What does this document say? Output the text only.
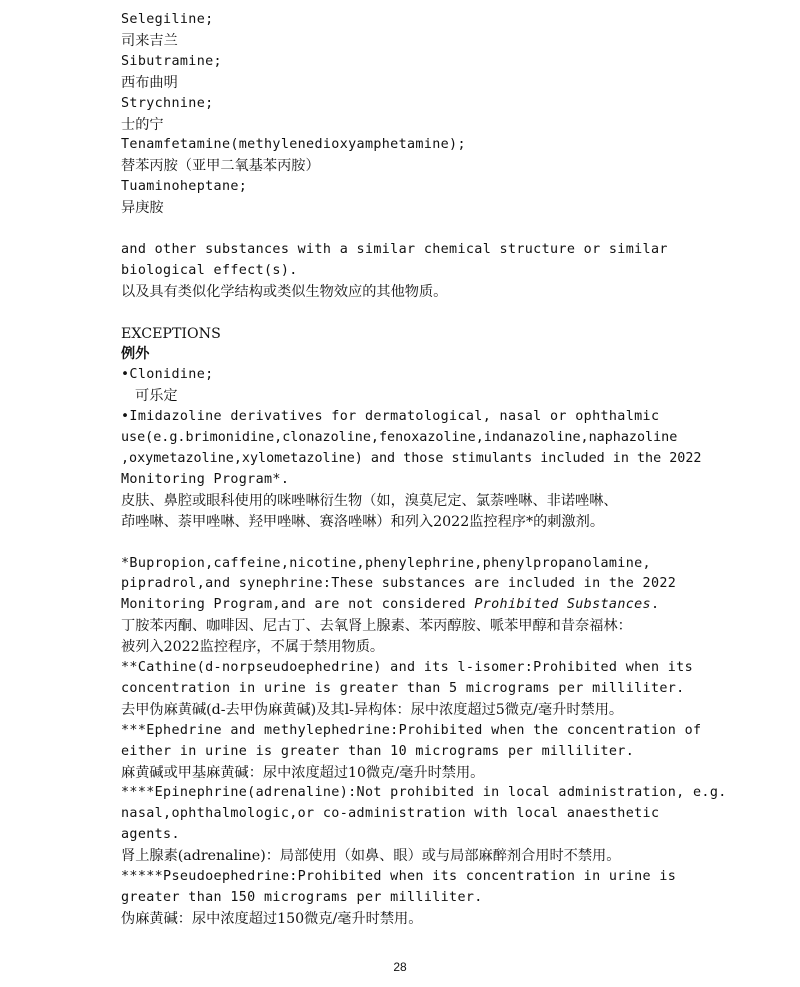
Selegiline;
司来吉兰
Sibutramine;
西布曲明
Strychnine;
士的宁
Tenamfetamine(methylenedioxyamphetamine);
替苯丙胺（亚甲二氧基苯丙胺）
Tuaminoheptane;
异庚胺
and other substances with a similar chemical structure or similar
biological effect(s).
以及具有类似化学结构或类似生物效应的其他物质。
EXCEPTIONS
例外
•Clonidine;
可乐定
•Imidazoline derivatives for dermatological, nasal or ophthalmic
use(e.g.brimonidine,clonazoline,fenoxazoline,indanazoline,naphazoline
,oxymetazoline,xylometazoline) and those stimulants included in the 2022
Monitoring Program*.
皮肤、鼻腔或眼科使用的咪唑啉衍生物（如，溴莫尼定、氯萘唑啉、非诺唑啉、
茚唑啉、萘甲唑啉、羟甲唑啉、赛洛唑啉）和列入2022监控程序*的刺激剂。
*Bupropion,caffeine,nicotine,phenylephrine,phenylpropanolamine,
pipradrol,and synephrine:These substances are included in the 2022
Monitoring Program,and are not considered Prohibited Substances.
丁胺苯丙酮、咖啡因、尼古丁、去氧肾上腺素、苯丙醇胺、哌苯甲醇和昔奈福林：
被列入2022监控程序，不属于禁用物质。
**Cathine(d-norpseudoephedrine) and its l-isomer:Prohibited when its
concentration in urine is greater than 5 micrograms per milliliter.
去甲伪麻黄碱(d-去甲伪麻黄碱)及其l-异构体：尿中浓度超过5微克/毫升时禁用。
***Ephedrine and methylephedrine:Prohibited when the concentration of
either in urine is greater than 10 micrograms per milliliter.
麻黄碱或甲基麻黄碱：尿中浓度超过10微克/毫升时禁用。
****Epinephrine(adrenaline):Not prohibited in local administration, e.g.
nasal,ophthalmologic,or co-administration with local anaesthetic
agents.
肾上腺素(adrenaline)：局部使用（如鼻、眼）或与局部麻醉剂合用时不禁用。
*****Pseudoephedrine:Prohibited when its concentration in urine is
greater than 150 micrograms per milliliter.
伪麻黄碱：尿中浓度超过150微克/毫升时禁用。
28
